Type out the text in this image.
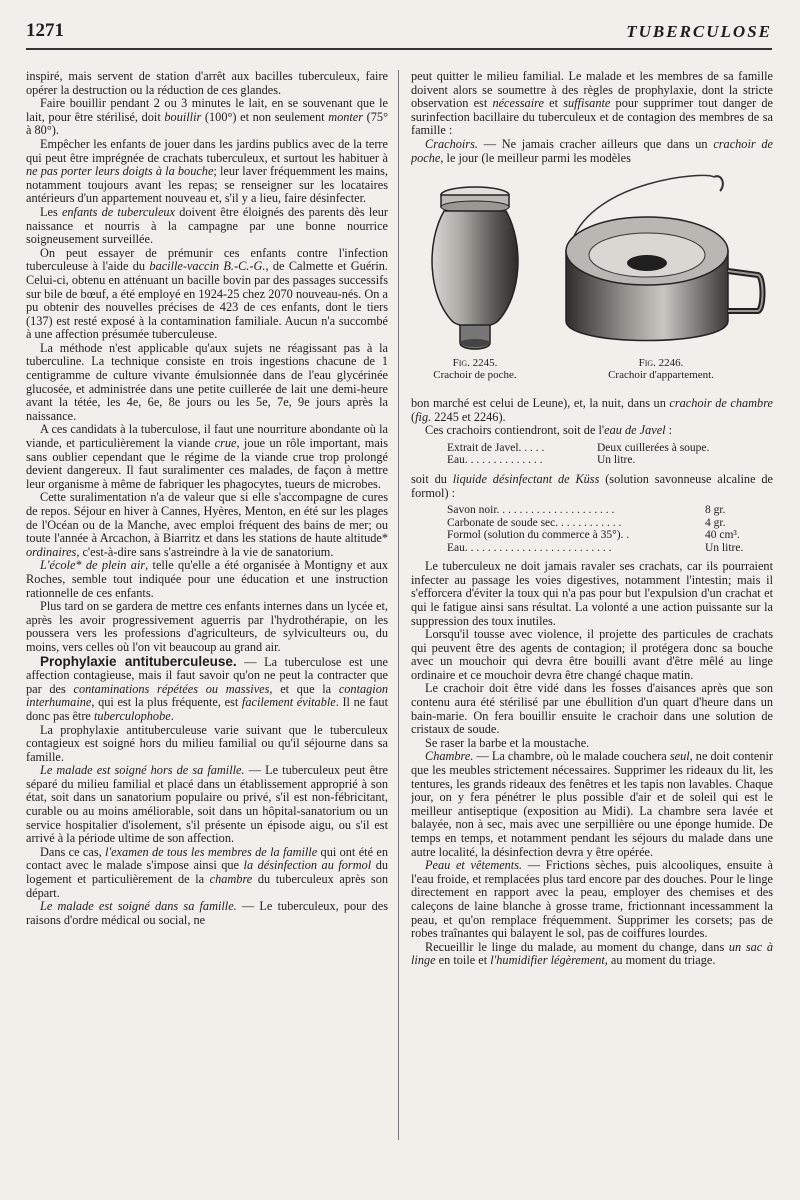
1271	TUBERCULOSE

inspiré, mais servent de station d'arrêt aux bacilles tuberculeux, faire opérer la destruction ou la réduction de ces glandes.

Faire bouillir pendant 2 ou 3 minutes le lait, en se souvenant que le lait, pour être stérilisé, doit bouillir (100°) et non seulement monter (75° à 80°).

Empêcher les enfants de jouer dans les jardins publics avec de la terre qui peut être imprégnée de crachats tuberculeux, et surtout les habituer à ne pas porter leurs doigts à la bouche; leur laver fréquemment les mains, notamment toujours avant les repas; se renseigner sur les locataires antérieurs d'un appartement nouveau et, s'il y a lieu, faire désinfecter.

Les enfants de tuberculeux doivent être éloignés des parents dès leur naissance et nourris à la campagne par une bonne nourrice soigneusement surveillée.

On peut essayer de prémunir ces enfants contre l'infection tuberculeuse à l'aide du bacille-vaccin B.-C.-G., de Calmette et Guérin. Celui-ci, obtenu en atténuant un bacille bovin par des passages successifs sur bile de bœuf, a été employé en 1924-25 chez 2070 nouveau-nés. On a pu obtenir des nouvelles précises de 423 de ces enfants, dont le tiers (137) est resté exposé à la contamination familiale. Aucun n'a succombé à une affection présumée tuberculeuse.

La méthode n'est applicable qu'aux sujets ne réagissant pas à la tuberculine. La technique consiste en trois ingestions chacune de 1 centigramme de culture vivante émulsionnée dans de l'eau glycérinée glucosée, et administrée dans une petite cuillerée de lait une demi-heure avant la tétée, les 4e, 6e, 8e jours ou les 5e, 7e, 9e jours après la naissance.

A ces candidats à la tuberculose, il faut une nourriture abondante où la viande, et particulièrement la viande crue, joue un rôle important, mais sans oublier cependant que le régime de la viande crue trop prolongé devient dangereux. Il faut suralimenter ces malades, de façon à mettre leur organisme à même de fabriquer les phagocytes, tueurs de microbes.

Cette suralimentation n'a de valeur que si elle s'accompagne de cures de repos. Séjour en hiver à Cannes, Hyères, Menton, en été sur les plages de l'Océan ou de la Manche, avec emploi fréquent des bains de mer; ou toute l'année à Arcachon, à Biarritz et dans les stations de haute altitude* ordinaires, c'est-à-dire sans s'astreindre à la vie de sanatorium.

L'école* de plein air, telle qu'elle a été organisée à Montigny et aux Roches, semble tout indiquée pour une éducation et une instruction rationnelle de ces enfants.

Plus tard on se gardera de mettre ces enfants internes dans un lycée et, après les avoir progressivement aguerris par l'hydrothérapie, on les poussera vers les professions d'agriculteurs, de sylviculteurs ou, du moins, vers celles où l'on vit beaucoup au grand air.

Prophylaxie antituberculeuse. — La tuberculose est une affection contagieuse, mais il faut savoir qu'on ne peut la contracter que par des contaminations répétées ou massives, et que la contagion interhumaine, qui est la plus fréquente, est facilement évitable. Il ne faut donc pas être tuberculophobe.

La prophylaxie antituberculeuse varie suivant que le tuberculeux contagieux est soigné hors du milieu familial ou qu'il séjourne dans sa famille.

Le malade est soigné hors de sa famille. — Le tuberculeux peut être séparé du milieu familial et placé dans un établissement approprié à son état, soit dans un sanatorium populaire ou privé, s'il est non-fébricitant, curable ou au moins améliorable, soit dans un hôpital-sanatorium ou un service hospitalier d'isolement, s'il présente un épisode aigu, ou s'il est arrivé à la période ultime de son affection.

Dans ce cas, l'examen de tous les membres de la famille qui ont été en contact avec le malade s'impose ainsi que la désinfection au formol du logement et particulièrement de la chambre du tuberculeux après son départ.

Le malade est soigné dans sa famille. — Le tuberculeux, pour des raisons d'ordre médical ou social, ne

peut quitter le milieu familial. Le malade et les membres de sa famille doivent alors se soumettre à des règles de prophylaxie, dont la stricte observation est nécessaire et suffisante pour supprimer tout danger de surinfection bacillaire du tuberculeux et de contagion des membres de sa famille :

Crachoirs. — Ne jamais cracher ailleurs que dans un crachoir de poche, le jour (le meilleur parmi les modèles

Fig. 2245.
Crachoir de poche.
Fig. 2246.
Crachoir d'appartement.

bon marché est celui de Leune), et, la nuit, dans un crachoir de chambre (fig. 2245 et 2246).

Ces crachoirs contiendront, soit de l'eau de Javel :

Extrait de Javel. . . . .	Deux cuillerées à soupe.
Eau. . . . . . . . . . . . . .	Un litre.

soit du liquide désinfectant de Küss (solution savonneuse alcaline de formol) :

Savon noir. . . . . . . . . . . . . . . . . . . . .	8 gr.
Carbonate de soude sec. . . . . . . . . . . .	4 gr.
Formol (solution du commerce à 35°). .	40 cm³.
Eau. . . . . . . . . . . . . . . . . . . . . . . . . .	Un litre.

Le tuberculeux ne doit jamais ravaler ses crachats, car ils pourraient infecter au passage les voies digestives, notamment l'intestin; mais il s'efforcera d'éviter la toux qui n'a pas pour but l'expulsion d'un crachat et qui le fatigue ainsi sans résultat. La volonté a une action puissante sur la suppression des toux inutiles.

Lorsqu'il tousse avec violence, il projette des particules de crachats qui peuvent être des agents de contagion; il protégera donc sa bouche avec un mouchoir qui devra être bouilli avant d'être mêlé au linge ordinaire et ce mouchoir devra être changé chaque matin.

Le crachoir doit être vidé dans les fosses d'aisances après que son contenu aura été stérilisé par une ébullition d'un quart d'heure dans un bain-marie. On fera bouillir ensuite le crachoir dans une solution de cristaux de soude.

Se raser la barbe et la moustache.

Chambre. — La chambre, où le malade couchera seul, ne doit contenir que les meubles strictement nécessaires. Supprimer les rideaux du lit, les tentures, les grands rideaux des fenêtres et les tapis non lavables. Chaque jour, on y fera pénétrer le plus possible d'air et de soleil qui est le meilleur antiseptique (exposition au Midi). La chambre sera lavée et balayée, non à sec, mais avec une serpillière ou une éponge humide. De temps en temps, et notamment pendant les séjours du malade dans une autre localité, la désinfection devra y être opérée.

Peau et vêtements. — Frictions sèches, puis alcooliques, ensuite à l'eau froide, et remplacées plus tard encore par des douches. Pour le linge directement en rapport avec la peau, employer des chemises et des caleçons de laine blanche à grosse trame, frictionnant incessamment la peau, et qu'on remplace fréquemment. Supprimer les corsets; pas de robes traînantes qui balayent le sol, pas de coiffures lourdes.

Recueillir le linge du malade, au moment du change, dans un sac à linge en toile et l'humidifier légèrement, au moment du triage.
